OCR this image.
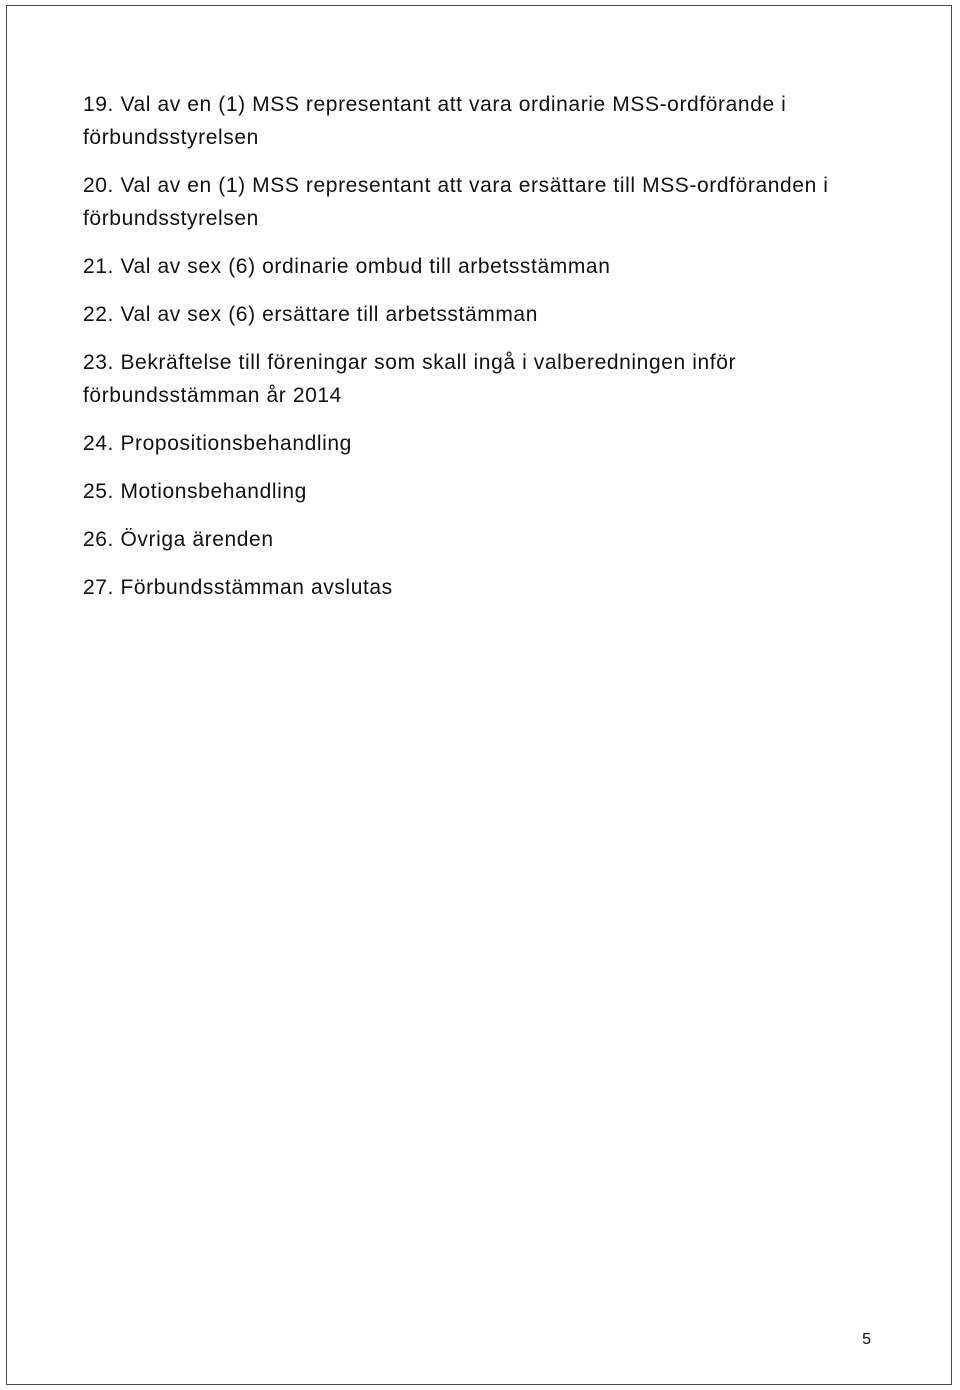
19. Val av en (1) MSS representant att vara ordinarie MSS-ordförande i förbundsstyrelsen
20. Val av en (1) MSS representant att vara ersättare till MSS-ordföranden i förbundsstyrelsen
21. Val av sex (6) ordinarie ombud till arbetsstämman
22. Val av sex (6) ersättare till arbetsstämman
23. Bekräftelse till föreningar som skall ingå i valberedningen inför förbundsstämman år 2014
24. Propositionsbehandling
25. Motionsbehandling
26. Övriga ärenden
27. Förbundsstämman avslutas
5
